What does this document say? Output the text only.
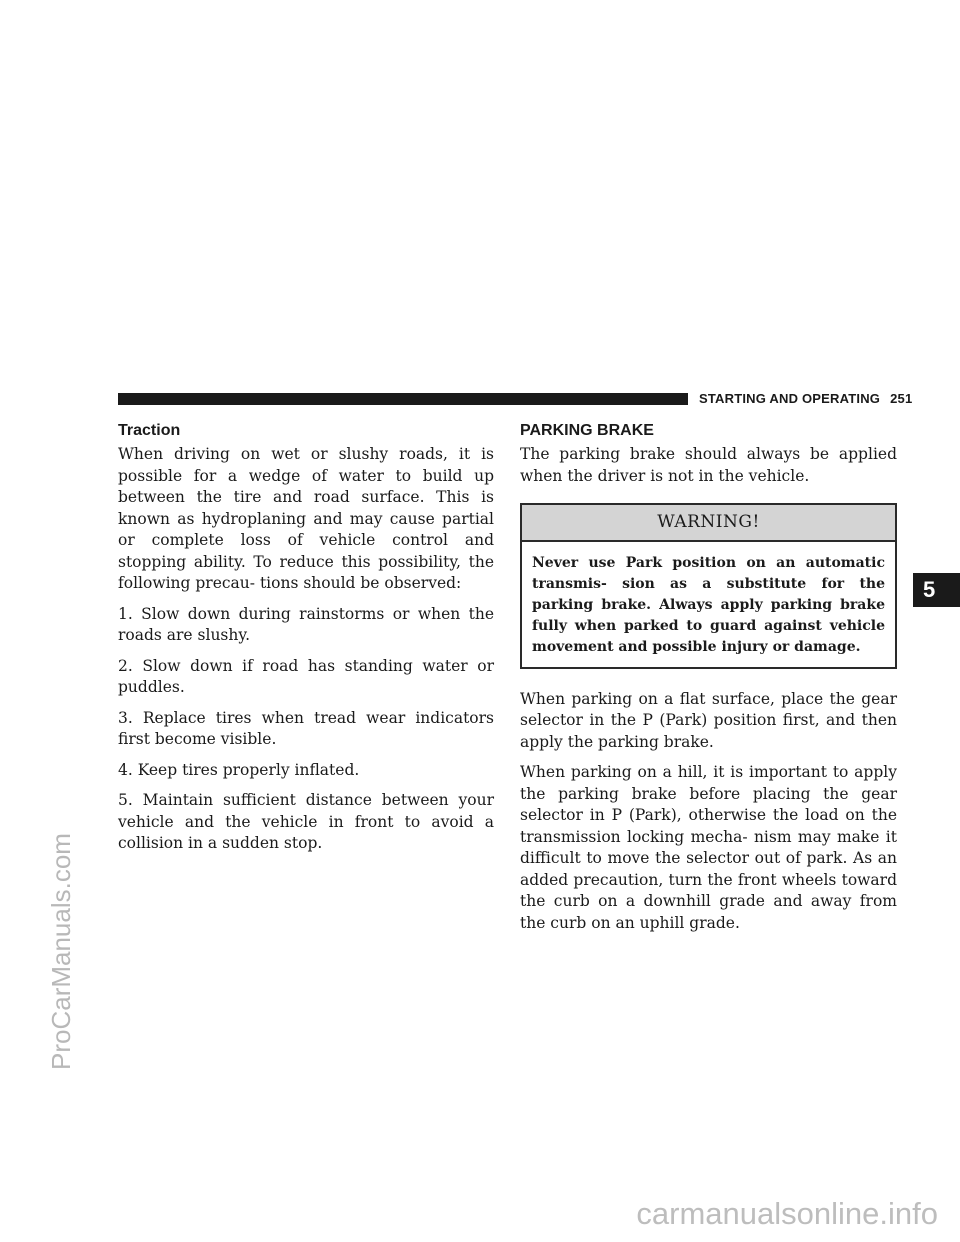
STARTING AND OPERATING 251
Traction

When driving on wet or slushy roads, it is possible for a wedge of water to build up between the tire and road surface. This is known as hydroplaning and may cause partial or complete loss of vehicle control and stopping ability. To reduce this possibility, the following precau- tions should be observed:

1. Slow down during rainstorms or when the roads are slushy.

2. Slow down if road has standing water or puddles.

3. Replace tires when tread wear indicators first become visible.

4. Keep tires properly inflated.

5. Maintain sufficient distance between your vehicle and the vehicle in front to avoid a collision in a sudden stop.

PARKING BRAKE

The parking brake should always be applied when the driver is not in the vehicle.

WARNING!
Never use Park position on an automatic transmis- sion as a substitute for the parking brake. Always apply parking brake fully when parked to guard against vehicle movement and possible injury or damage.

When parking on a flat surface, place the gear selector in the P (Park) position first, and then apply the parking brake.

When parking on a hill, it is important to apply the parking brake before placing the gear selector in P (Park), otherwise the load on the transmission locking mecha- nism may make it difficult to move the selector out of park. As an added precaution, turn the front wheels toward the curb on a downhill grade and away from the curb on an uphill grade.

5
ProCarManuals.com
carmanualsonline.info
